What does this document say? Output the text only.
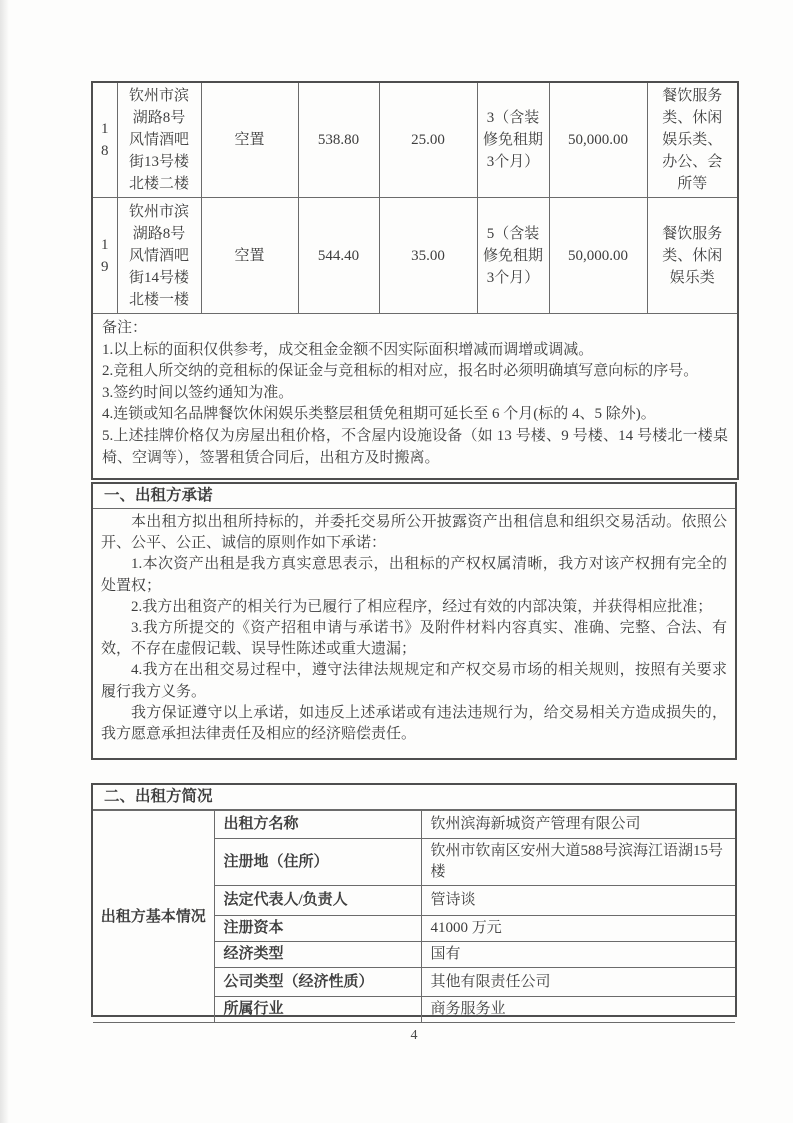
18	钦州市滨湖路8号风情酒吧街13号楼北楼二楼	空置	538.80	25.00	3（含装修免租期3个月）	50,000.00	餐饮服务类、休闲娱乐类、办公、会所等
19	钦州市滨湖路8号风情酒吧街14号楼北楼一楼	空置	544.40	35.00	5（含装修免租期3个月）	50,000.00	餐饮服务类、休闲娱乐类

备注：
1.以上标的面积仅供参考，成交租金金额不因实际面积增减而调增或调减。
2.竞租人所交纳的竞租标的保证金与竞租标的相对应，报名时必须明确填写意向标的序号。
3.签约时间以签约通知为准。
4.连锁或知名品牌餐饮休闲娱乐类整层租赁免租期可延长至 6 个月(标的 4、5 除外)。
5.上述挂牌价格仅为房屋出租价格，不含屋内设施设备（如 13 号楼、9 号楼、14 号楼北一楼桌椅、空调等），签署租赁合同后，出租方及时搬离。
一、出租方承诺

本出租方拟出租所持标的，并委托交易所公开披露资产出租信息和组织交易活动。依照公开、公平、公正、诚信的原则作如下承诺：

1.本次资产出租是我方真实意思表示，出租标的产权权属清晰，我方对该产权拥有完全的处置权；

2.我方出租资产的相关行为已履行了相应程序，经过有效的内部决策，并获得相应批准；

3.我方所提交的《资产招租申请与承诺书》及附件材料内容真实、准确、完整、合法、有效，不存在虚假记载、误导性陈述或重大遗漏；

4.我方在出租交易过程中，遵守法律法规规定和产权交易市场的相关规则，按照有关要求履行我方义务。

我方保证遵守以上承诺，如违反上述承诺或有违法违规行为，给交易相关方造成损失的，我方愿意承担法律责任及相应的经济赔偿责任。

二、出租方简况
出租方基本情况	出租方名称	钦州滨海新城资产管理有限公司
	注册地（住所）	钦州市钦南区安州大道588号滨海江语湖15号楼
	法定代表人/负责人	管诗谈
	注册资本	41000 万元
	经济类型	国有
	公司类型（经济性质）	其他有限责任公司
	所属行业	商务服务业
4
